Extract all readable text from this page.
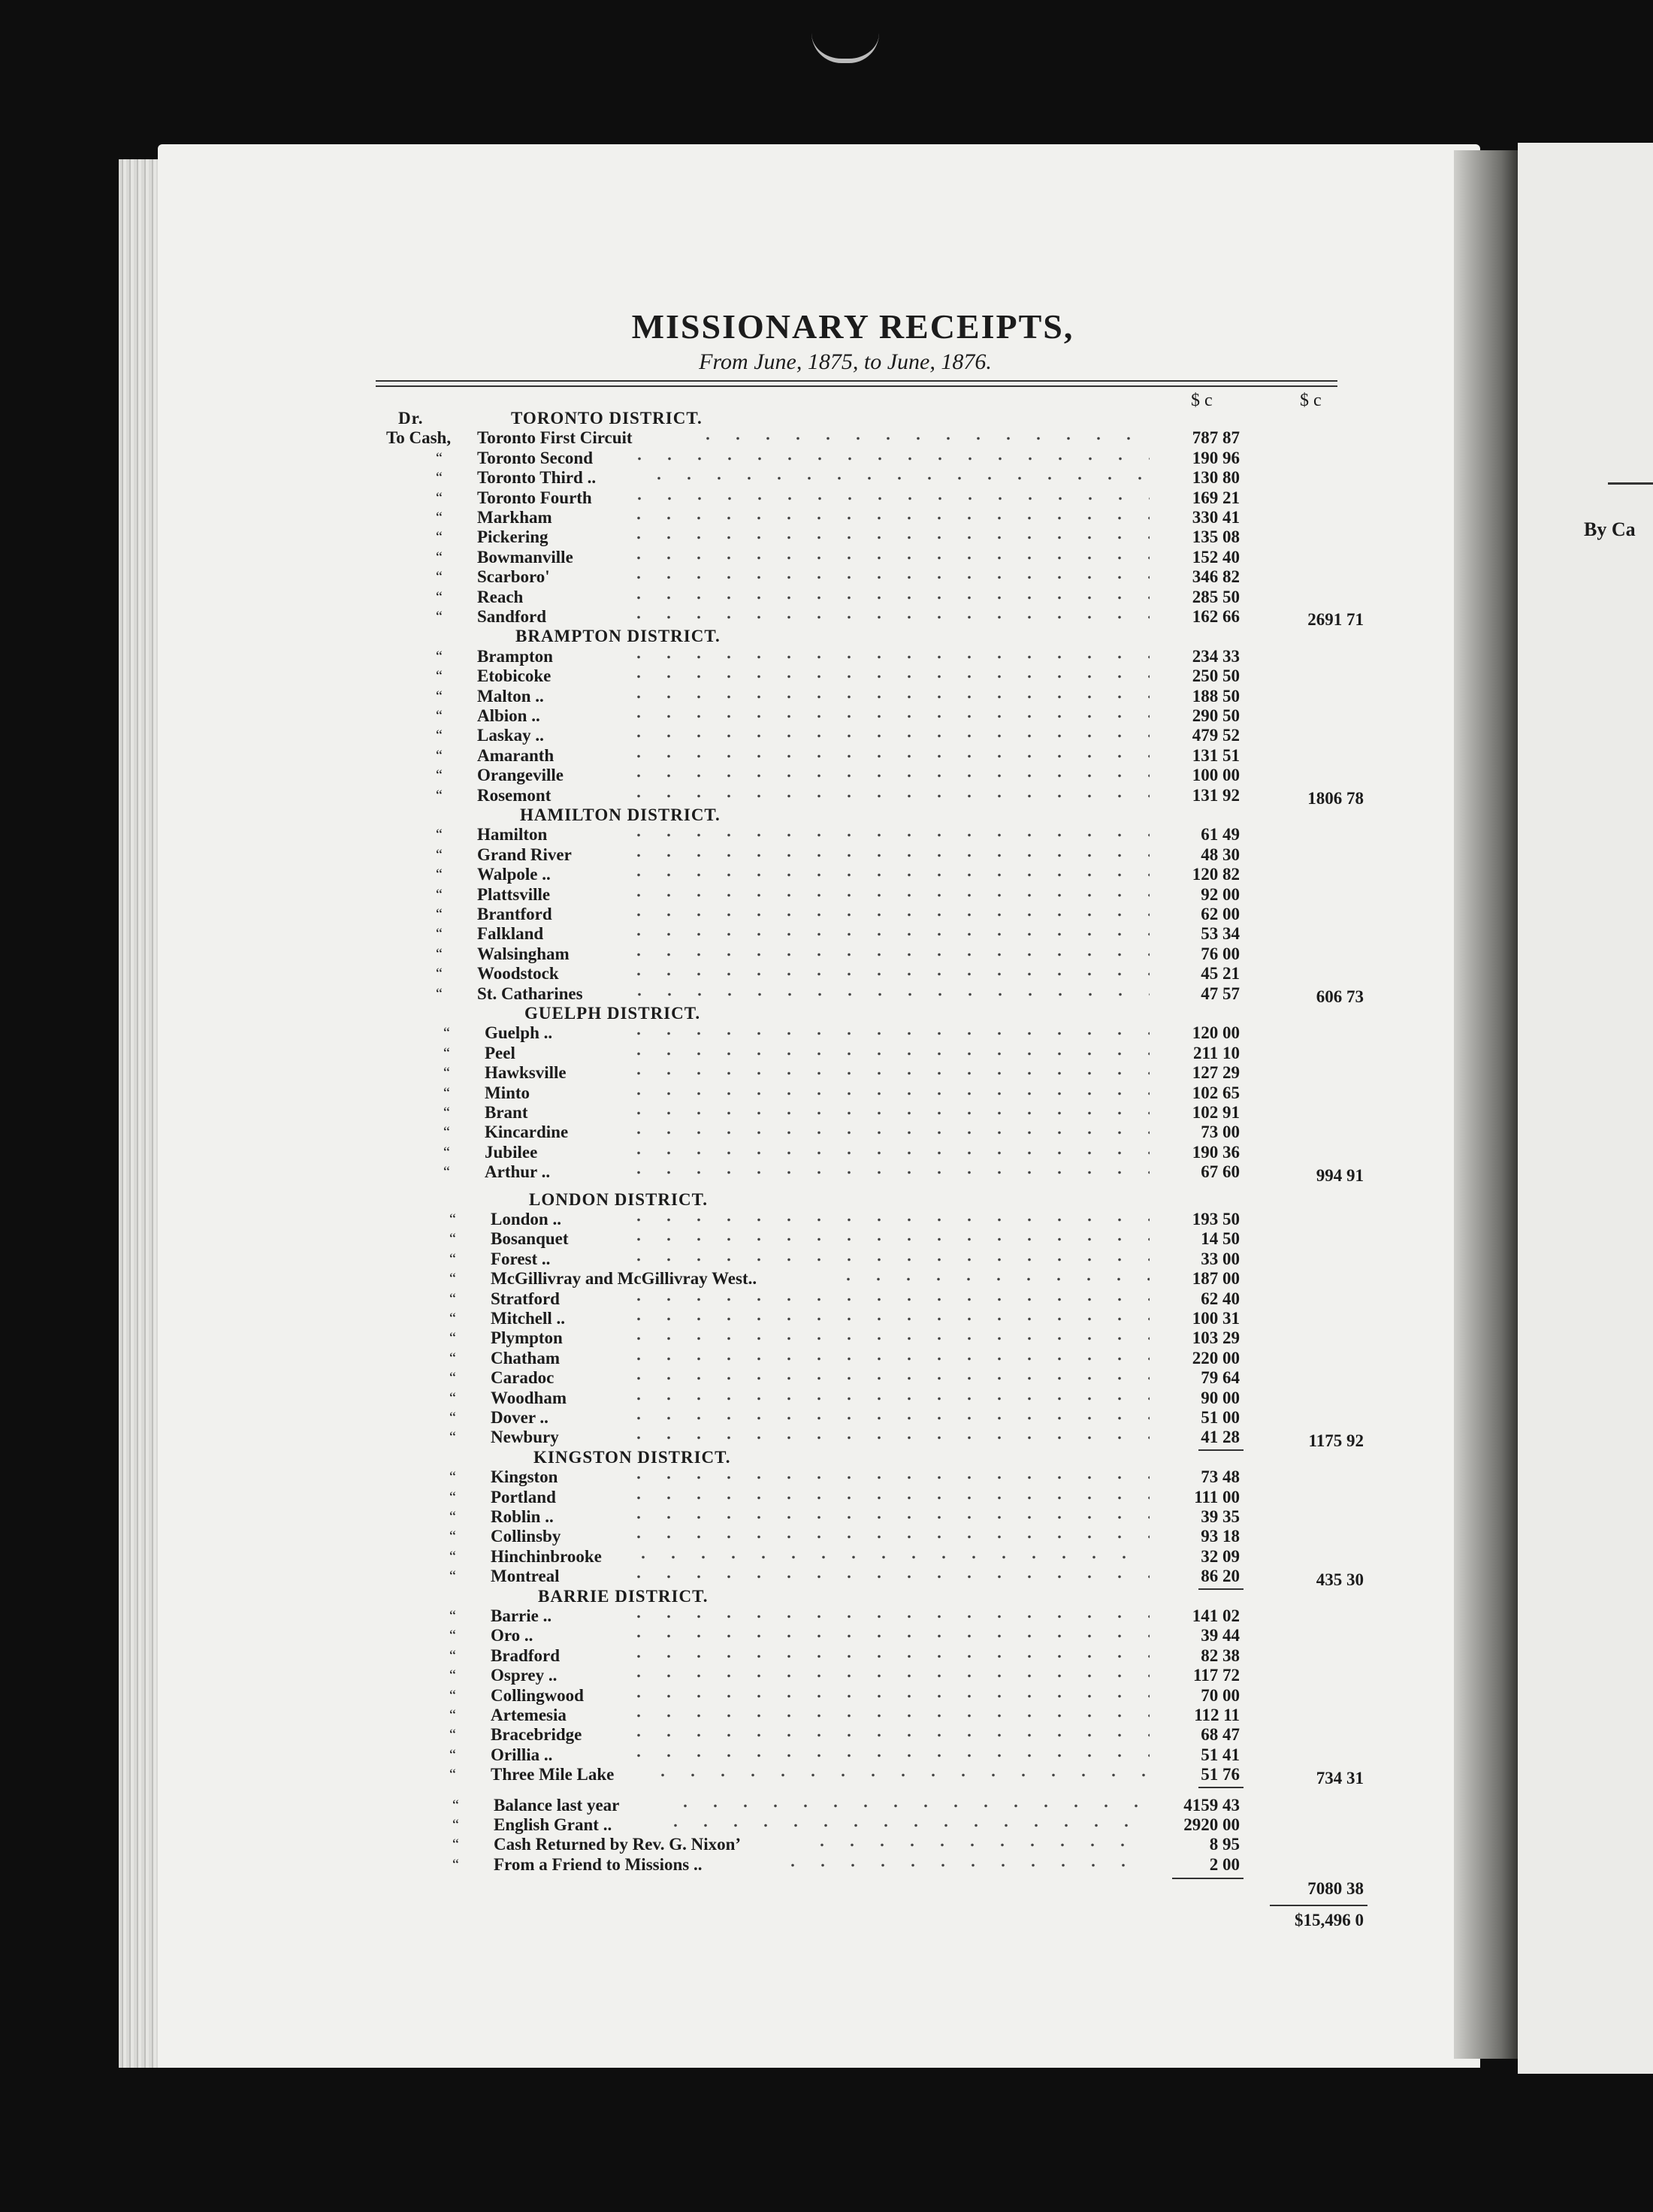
By Ca
MISSIONARY RECEIPTS,
From June, 1875, to June, 1876.
$ c	$ c
Dr.	TORONTO DISTRICT.
To Cash, Toronto First Circuit	787 87
“ Toronto Second	190 96
“ Toronto Third ..	130 80
“ Toronto Fourth	169 21
“ Markham	330 41
“ Pickering	135 08
“ Bowmanville	152 40
“ Scarboro'	346 82
“ Reach	285 50
“ Sandford	162 66	2691 71
BRAMPTON DISTRICT.
“ Brampton	234 33
“ Etobicoke	250 50
“ Malton ..	188 50
“ Albion ..	290 50
“ Laskay ..	479 52
“ Amaranth	131 51
“ Orangeville	100 00
“ Rosemont	131 92	1806 78
HAMILTON DISTRICT.
“ Hamilton	61 49
“ Grand River	48 30
“ Walpole ..	120 82
“ Plattsville	92 00
“ Brantford	62 00
“ Falkland	53 34
“ Walsingham	76 00
“ Woodstock	45 21
“ St. Catharines	47 57	606 73
GUELPH DISTRICT.
“ Guelph ..	120 00
“ Peel	211 10
“ Hawksville	127 29
“ Minto	102 65
“ Brant	102 91
“ Kincardine	73 00
“ Jubilee	190 36
“ Arthur ..	67 60	994 91
LONDON DISTRICT.
“ London ..	193 50
“ Bosanquet	14 50
“ Forest ..	33 00
“ McGillivray and McGillivray West..	187 00
“ Stratford	62 40
“ Mitchell ..	100 31
“ Plympton	103 29
“ Chatham	220 00
“ Caradoc	79 64
“ Woodham	90 00
“ Dover ..	51 00
“ Newbury	41 28	1175 92
KINGSTON DISTRICT.
“ Kingston	73 48
“ Portland	111 00
“ Roblin ..	39 35
“ Collinsby	93 18
“ Hinchinbrooke	32 09
“ Montreal	86 20	435 30
BARRIE DISTRICT.
“ Barrie ..	141 02
“ Oro ..	39 44
“ Bradford	82 38
“ Osprey ..	117 72
“ Collingwood	70 00
“ Artemesia	112 11
“ Bracebridge	68 47
“ Orillia ..	51 41
“ Three Mile Lake	51 76	734 31
“ Balance last year	4159 43
“ English Grant ..	2920 00
“ Cash Returned by Rev. G. Nixonʼ	8 95
“ From a Friend to Missions ..	2 00
7080 38
$15,496 0
